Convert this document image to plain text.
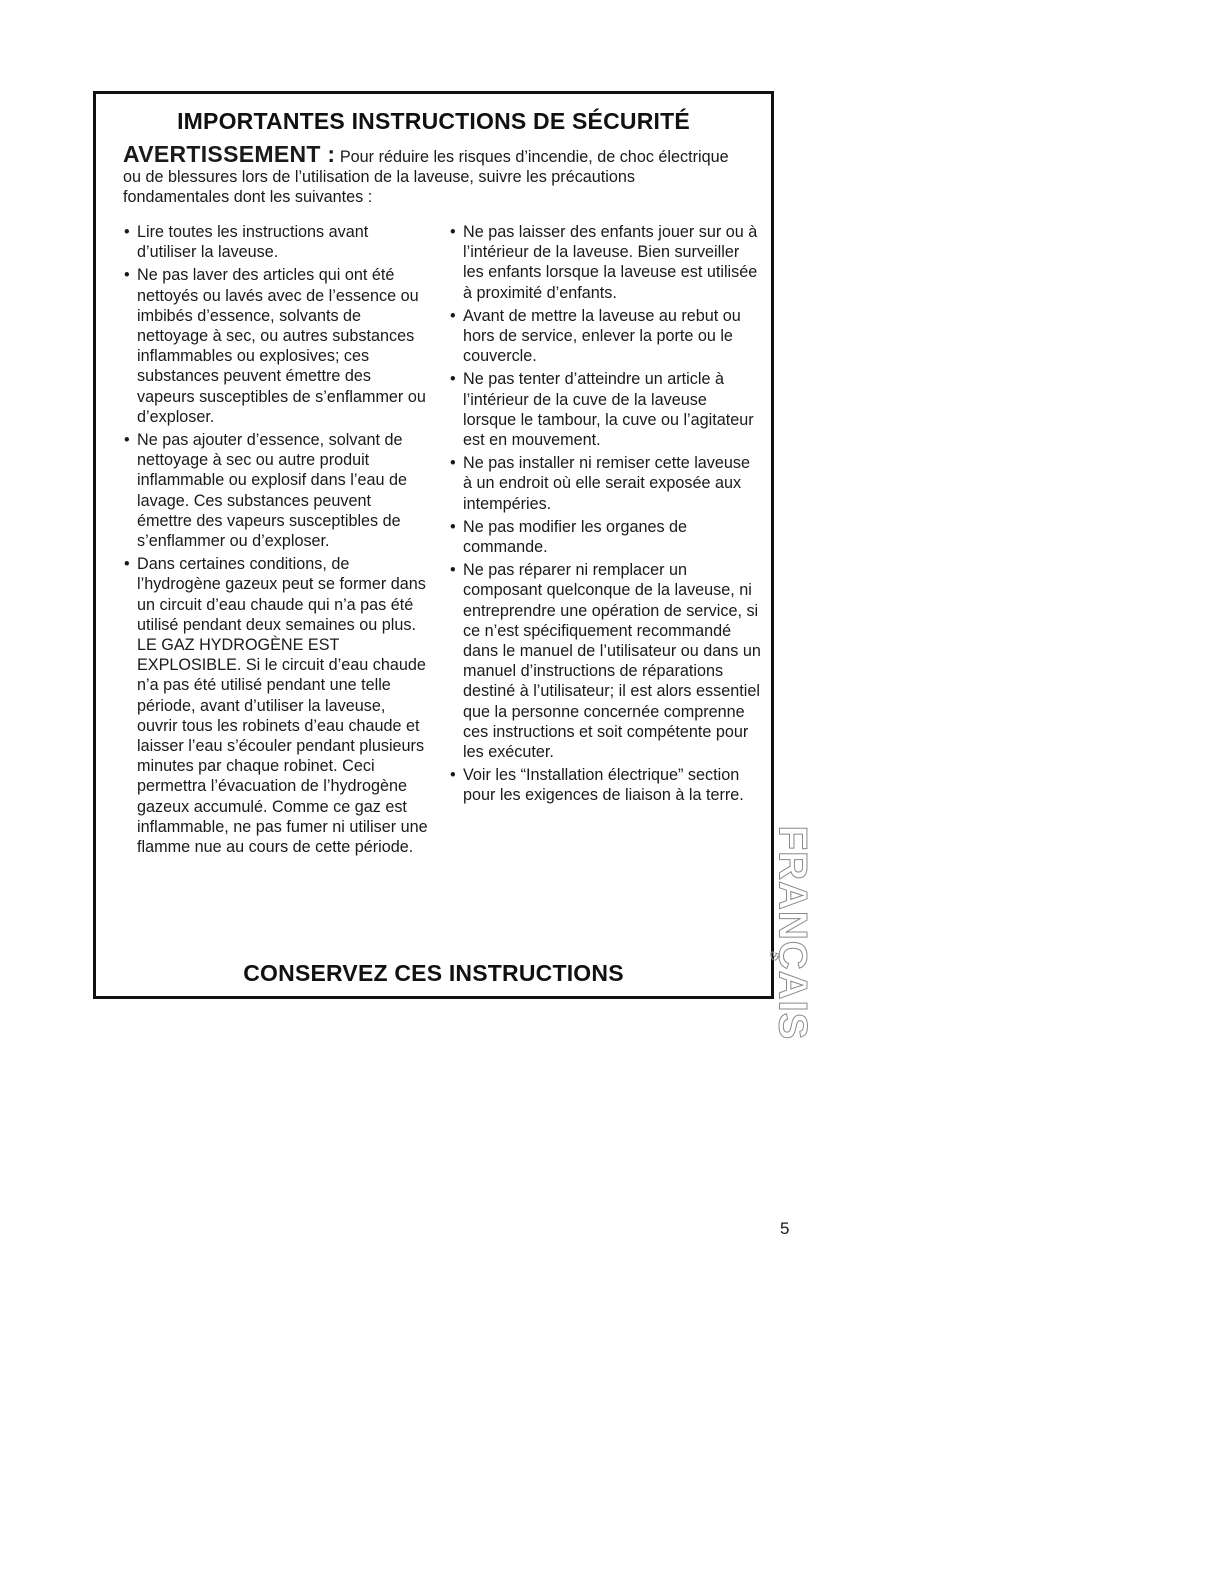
IMPORTANTES INSTRUCTIONS DE SÉCURITÉ

AVERTISSEMENT : Pour réduire les risques d’incendie, de choc électrique ou de blessures lors de l’utilisation de la laveuse, suivre les précautions fondamentales dont les suivantes :

• Lire toutes les instructions avant d’utiliser la laveuse.
• Ne pas laver des articles qui ont été nettoyés ou lavés avec de l’essence ou imbibés d’essence, solvants de nettoyage à sec, ou autres substances inflammables ou explosives; ces substances peuvent émettre des vapeurs susceptibles de s’enflammer ou d’exploser.
• Ne pas ajouter d’essence, solvant de nettoyage à sec ou autre produit inflammable ou explosif dans l’eau de lavage. Ces substances peuvent émettre des vapeurs susceptibles de s’enflammer ou d’exploser.
• Dans certaines conditions, de l’hydrogène gazeux peut se former dans un circuit d’eau chaude qui n’a pas été utilisé pendant deux semaines ou plus. LE GAZ HYDROGÈNE EST EXPLOSIBLE. Si le circuit d’eau chaude n’a pas été utilisé pendant une telle période, avant d’utiliser la laveuse, ouvrir tous les robinets d’eau chaude et laisser l’eau s’écouler pendant plusieurs minutes par chaque robinet. Ceci permettra l’évacuation de l’hydrogène gazeux accumulé. Comme ce gaz est inflammable, ne pas fumer ni utiliser une flamme nue au cours de cette période.
• Ne pas laisser des enfants jouer sur ou à l’intérieur de la laveuse. Bien surveiller les enfants lorsque la laveuse est utilisée à proximité d’enfants.
• Avant de mettre la laveuse au rebut ou hors de service, enlever la porte ou le couvercle.
• Ne pas tenter d’atteindre un article à l’intérieur de la cuve de la laveuse lorsque le tambour, la cuve ou l’agitateur est en mouvement.
• Ne pas installer ni remiser cette laveuse à un endroit où elle serait exposée aux intempéries.
• Ne pas modifier les organes de commande.
• Ne pas réparer ni remplacer un composant quelconque de la laveuse, ni entreprendre une opération de service, si ce n’est spécifiquement recommandé dans le manuel de l’utilisateur ou dans un manuel d’instructions de réparations destiné à l’utilisateur; il est alors essentiel que la personne concernée comprenne ces instructions et soit compétente pour les exécuter.
• Voir les “Installation électrique” section pour les exigences de liaison à la terre.
CONSERVEZ CES INSTRUCTIONS	FRANÇAIS
5
